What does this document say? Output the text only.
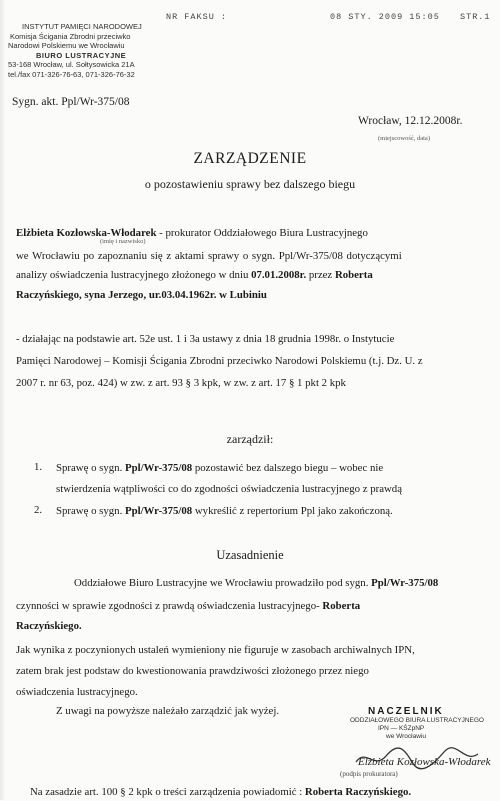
NR FAKSU :	08 STY. 2009 15:05 STR.1
INSTYTUT PAMIĘCI NARODOWEJ
Komisja Ścigania Zbrodni przeciwko
Narodowi Polskiemu we Wrocławiu
BIURO LUSTRACYJNE
53-168 Wrocław, ul. Sołtysowicka 21A
tel./fax 071-326-76-63, 071-326-76-32
Sygn. akt. Ppl/Wr-375/08
Wrocław, 12.12.2008r.
(miejscowość, data)
ZARZĄDZENIE
o pozostawieniu sprawy bez dalszego biegu
Elżbieta Kozłowska-Włodarek - prokurator Oddziałowego Biura Lustracyjnego
(imię i nazwisko)
we Wrocławiu po zapoznaniu się z aktami sprawy o sygn. Ppl/Wr-375/08 dotyczącymi
analizy oświadczenia lustracyjnego złożonego w dniu 07.01.2008r. przez Roberta
Raczyńskiego, syna Jerzego, ur.03.04.1962r. w Lubiniu
- działając na podstawie art. 52e ust. 1 i 3a ustawy z dnia 18 grudnia 1998r. o Instytucie
Pamięci Narodowej – Komisji Ścigania Zbrodni przeciwko Narodowi Polskiemu (t.j. Dz. U. z
2007 r. nr 63, poz. 424) w zw. z art. 93 § 3 kpk, w zw. z art. 17 § 1 pkt 2 kpk
zarządził:
1. Sprawę o sygn. Ppl/Wr-375/08 pozostawić bez dalszego biegu – wobec nie
stwierdzenia wątpliwości co do zgodności oświadczenia lustracyjnego z prawdą
2. Sprawę o sygn. Ppl/Wr-375/08 wykreślić z repertorium Ppl jako zakończoną.
Uzasadnienie
Oddziałowe Biuro Lustracyjne we Wrocławiu prowadziło pod sygn. Ppl/Wr-375/08
czynności w sprawie zgodności z prawdą oświadczenia lustracyjnego- Roberta
Raczyńskiego.
Jak wynika z poczynionych ustaleń wymieniony nie figuruje w zasobach archiwalnych IPN,
zatem brak jest podstaw do kwestionowania prawdziwości złożonego przez niego
oświadczenia lustracyjnego.
Z uwagi na powyższe należało zarządzić jak wyżej.	NACZELNIK
ODDZIAŁOWEGO BIURA LUSTRACYJNEGO
IPN — KŚZpNP
we Wrocławiu
Elżbieta Kozłowska-Włodarek
(podpis prokuratora)
Na zasadzie art. 100 § 2 kpk o treści zarządzenia powiadomić : Roberta Raczyńskiego.
